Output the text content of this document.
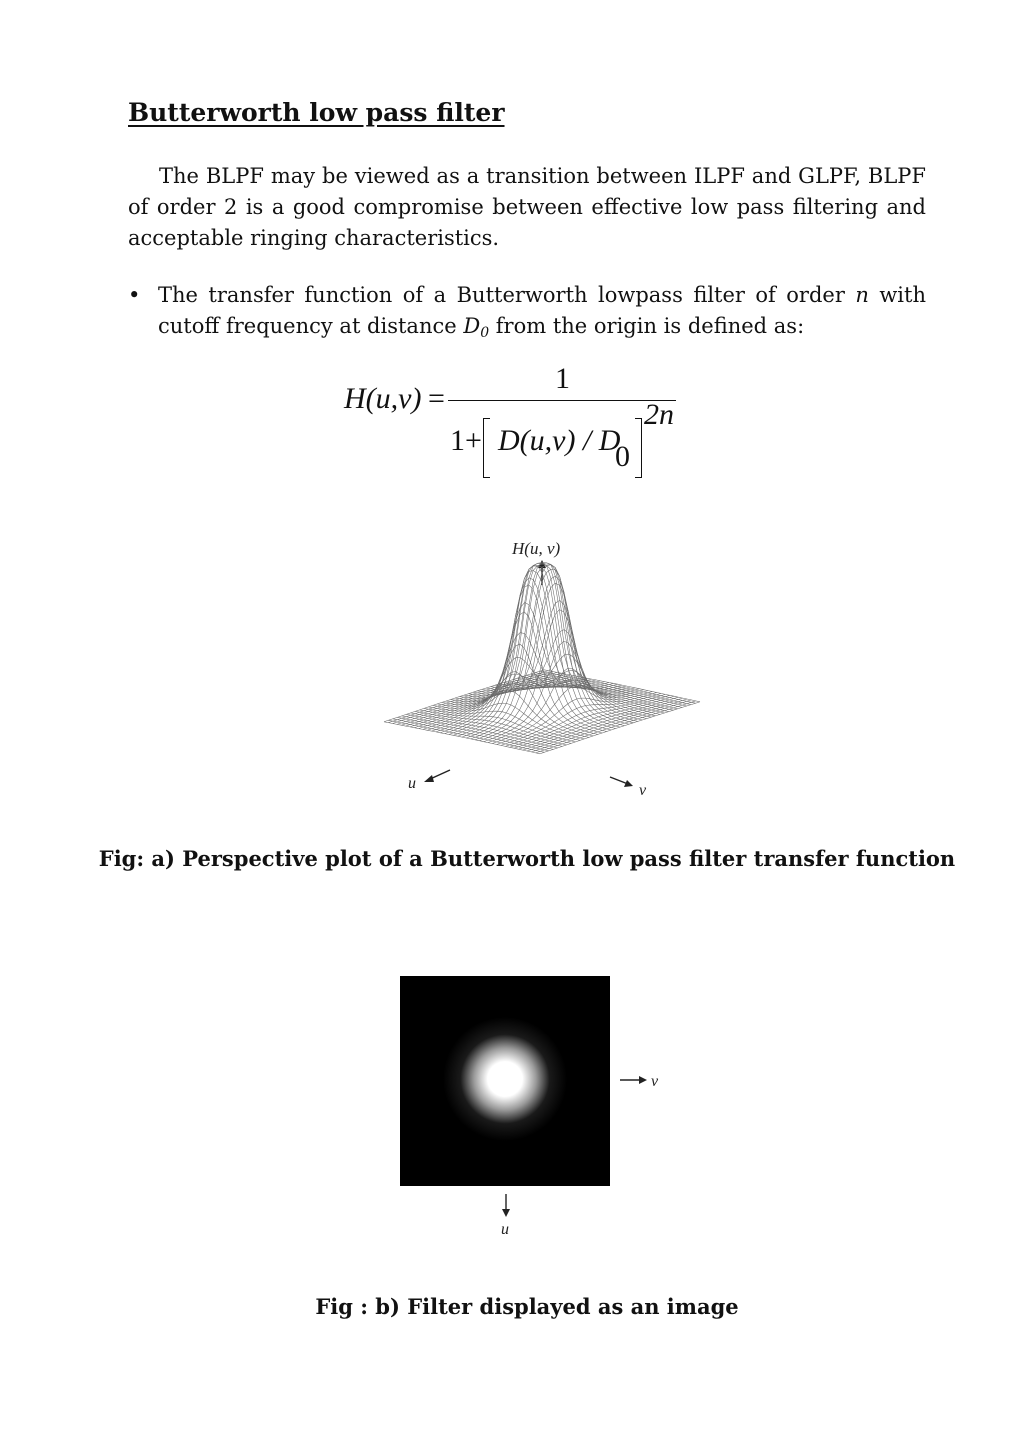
Butterworth low pass filter

The BLPF may be viewed as a transition between ILPF and GLPF, BLPF of order 2 is a good compromise between effective low pass filtering and acceptable ringing characteristics.

• The transfer function of a Butterworth lowpass filter of order n with cutoff frequency at distance $D_0$ from the origin is defined as:
H(u,v) =
1
1+ D(u,v) / D
0
2n
H(u, v)
u	v

Fig: a) Perspective plot of a Butterworth low pass filter transfer function

v
u

Fig : b) Filter displayed as an image
